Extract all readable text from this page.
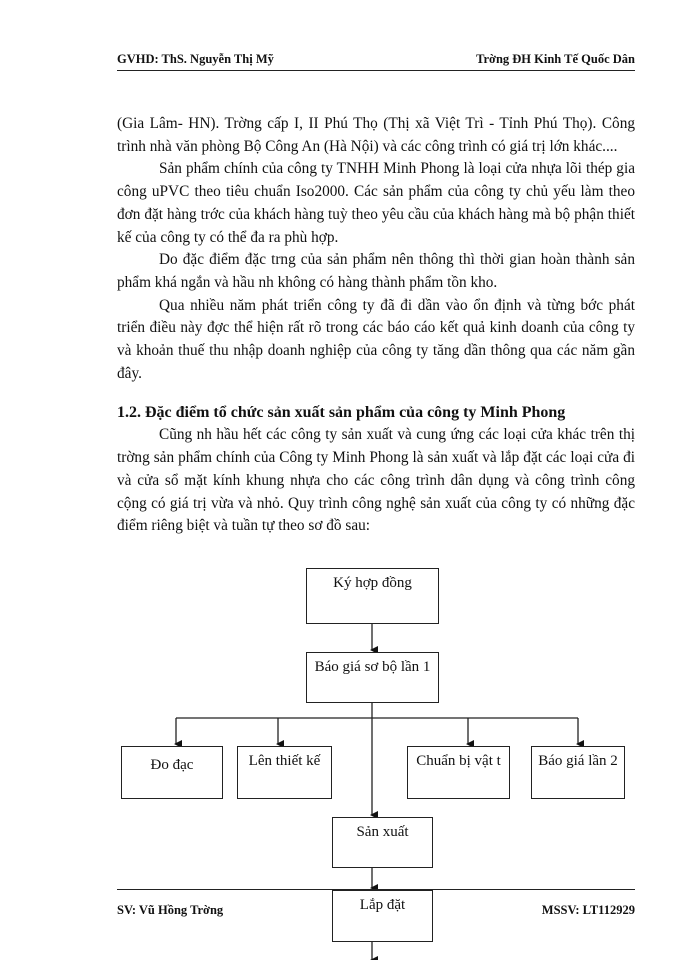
GVHD: ThS. Nguyễn Thị Mỹ	Trờng ĐH Kinh Tế Quốc Dân

(Gia Lâm- HN). Trờng cấp I, II Phú Thọ (Thị xã Việt Trì - Tỉnh Phú Thọ). Công trình nhà văn phòng Bộ Công An (Hà Nội) và các công trình có giá trị lớn khác....

Sản phẩm chính của công ty TNHH Minh Phong là loại cửa nhựa lõi thép gia công uPVC theo tiêu chuẩn Iso2000. Các sản phẩm của công ty chủ yếu làm theo đơn đặt hàng trớc của khách hàng tuỳ theo yêu cầu của khách hàng mà bộ phận thiết kế của công ty có thể đa ra phù hợp.

Do đặc điểm đặc trng của sản phẩm nên thông thì thời gian hoàn thành sản phẩm khá ngắn và hầu nh không có hàng thành phẩm tồn kho.

Qua nhiều năm phát triển công ty đã đi dần vào ổn định và từng bớc phát triển điều này đợc thể hiện rất rõ trong các báo cáo kết quả kinh doanh của công ty và khoản thuế thu nhập doanh nghiệp của công ty tăng dần thông qua các năm gần đây.

1.2. Đặc điểm tổ chức sản xuất sản phẩm của công ty Minh Phong

Cũng nh hầu hết các công ty sản xuất và cung ứng các loại cửa khác trên thị trờng sản phẩm chính của Công ty Minh Phong là sản xuất và lắp đặt các loại cửa đi và cửa sổ mặt kính khung nhựa cho các công trình dân dụng và công trình công cộng có giá trị vừa và nhỏ. Quy trình công nghệ sản xuất của công ty có những đặc điểm riêng biệt và tuần tự theo sơ đồ sau:

Ký hợp đồng
Báo giá sơ bộ lần 1
Đo đạc	Lên thiết kế	Chuẩn bị vật t	Báo giá lần 2
Sản xuất
Lắp đặt
SV: Vũ Hồng Trờng	MSSV: LT112929
